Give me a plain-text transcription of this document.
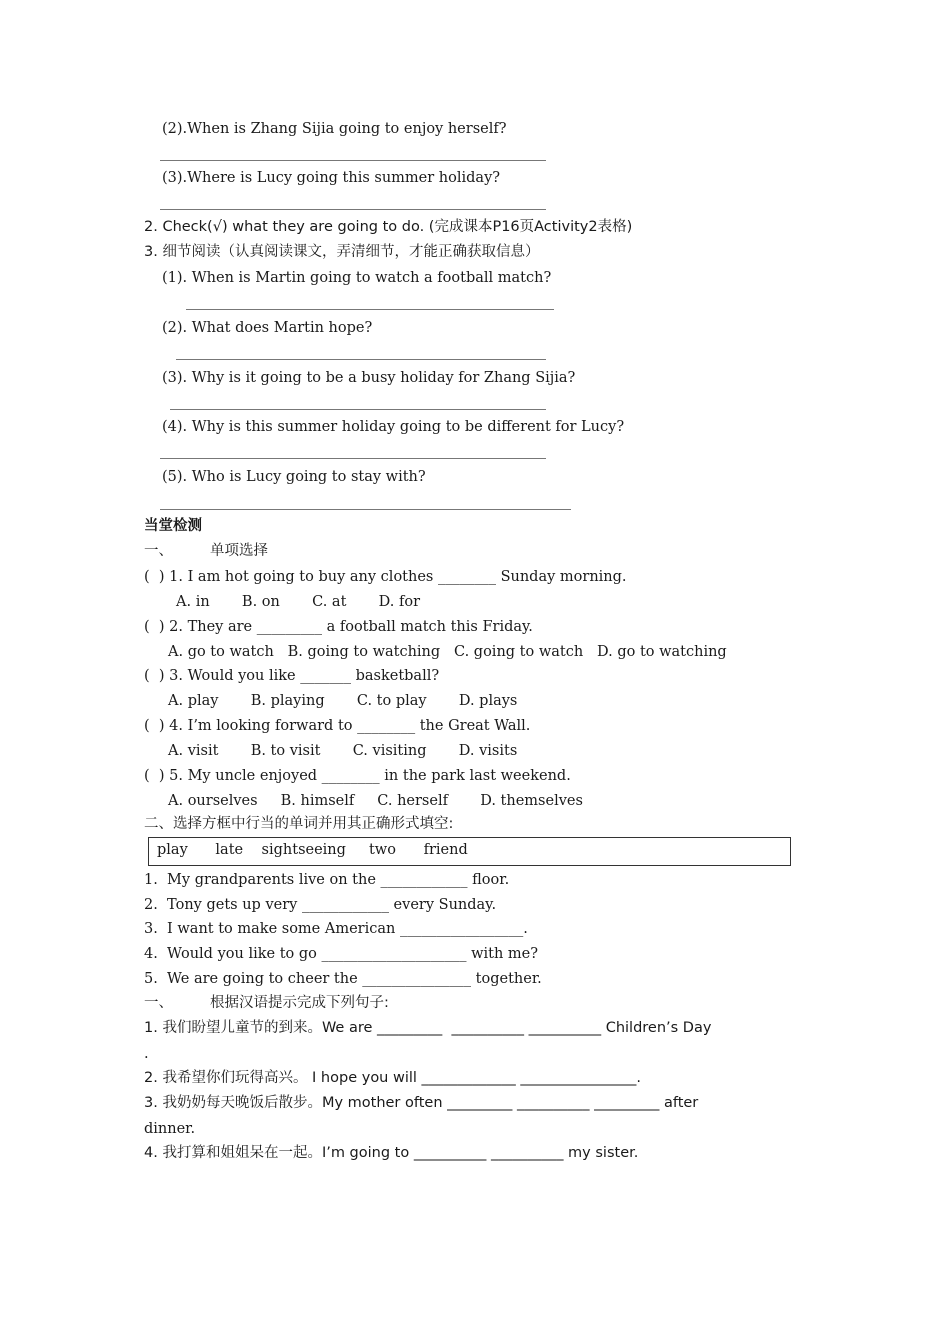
(2).When is Zhang Sijia going to enjoy herself?
(3).Where is Lucy going this summer holiday?
2. Check(√) what they are going to do. (完成课本P16页Activity2表格)
3. 细节阅读（认真阅读课文，弄清细节，才能正确获取信息）
(1). When is Martin going to watch a football match?
(2). What does Martin hope?
(3). Why is it going to be a busy holiday for Zhang Sijia?
(4). Why is this summer holiday going to be different for Lucy?
(5). Who is Lucy going to stay with?
当堂检测
一、	单项选择
(  ) 1. I am hot going to buy any clothes ________ Sunday morning.
A. in       B. on       C. at       D. for
(  ) 2. They are _________ a football match this Friday.
A. go to watch   B. going to watching   C. going to watch   D. go to watching
(  ) 3. Would you like _______ basketball?
A. play       B. playing       C. to play       D. plays
(  ) 4. I’m looking forward to ________ the Great Wall.
A. visit       B. to visit       C. visiting       D. visits
(  ) 5. My uncle enjoyed ________ in the park last weekend.
A. ourselves     B. himself     C. herself       D. themselves
二、选择方框中行当的单词并用其正确形式填空:
play      late    sightseeing     two      friend
1.  My grandparents live on the ____________ floor.
2.  Tony gets up very ____________ every Sunday.
3.  I want to make some American _________________.
4.  Would you like to go ____________________ with me?
5.  We are going to cheer the _______________ together.
一、	根据汉语提示完成下列句子:
1. 我们盼望儿童节的到来。We are _________  __________ __________ Children’s Day
.
2. 我希望你们玩得高兴。 I hope you will _____________ ________________.
3. 我奶奶每天晚饭后散步。My mother often _________ __________ _________ after
dinner.
4. 我打算和姐姐呆在一起。I’m going to __________ __________ my sister.
